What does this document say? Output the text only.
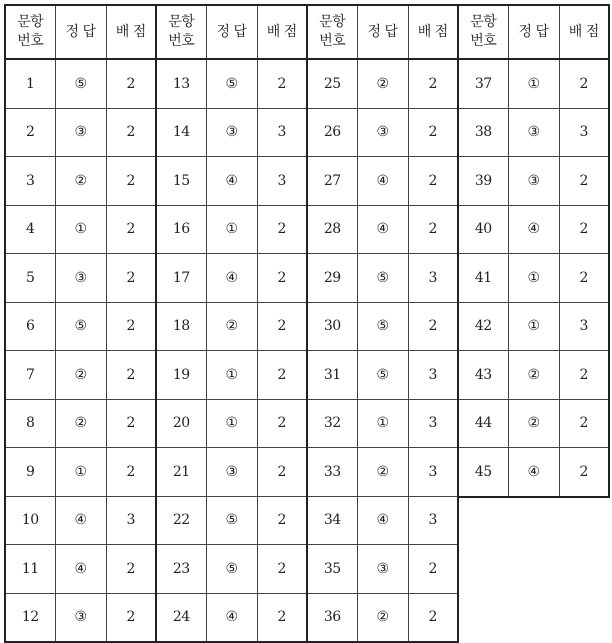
문항
번호	정 답	배 점
1	⑤	2
2	③	2
3	②	2
4	①	2
5	③	2
6	⑤	2
7	②	2
8	②	2
9	①	2
10	④	3
11	④	2
12	③	2
문항
번호	정 답	배 점
13	⑤	2
14	③	3
15	④	3
16	①	2
17	④	2
18	②	2
19	①	2
20	①	2
21	③	2
22	⑤	2
23	⑤	2
24	④	2
문항
번호	정 답	배 점
25	②	2
26	③	2
27	④	2
28	④	2
29	⑤	3
30	⑤	2
31	⑤	3
32	①	3
33	②	3
34	④	3
35	③	2
36	②	2
문항
번호	정 답	배 점
37	①	2
38	③	3
39	③	2
40	④	2
41	①	2
42	①	3
43	②	2
44	②	2
45	④	2
